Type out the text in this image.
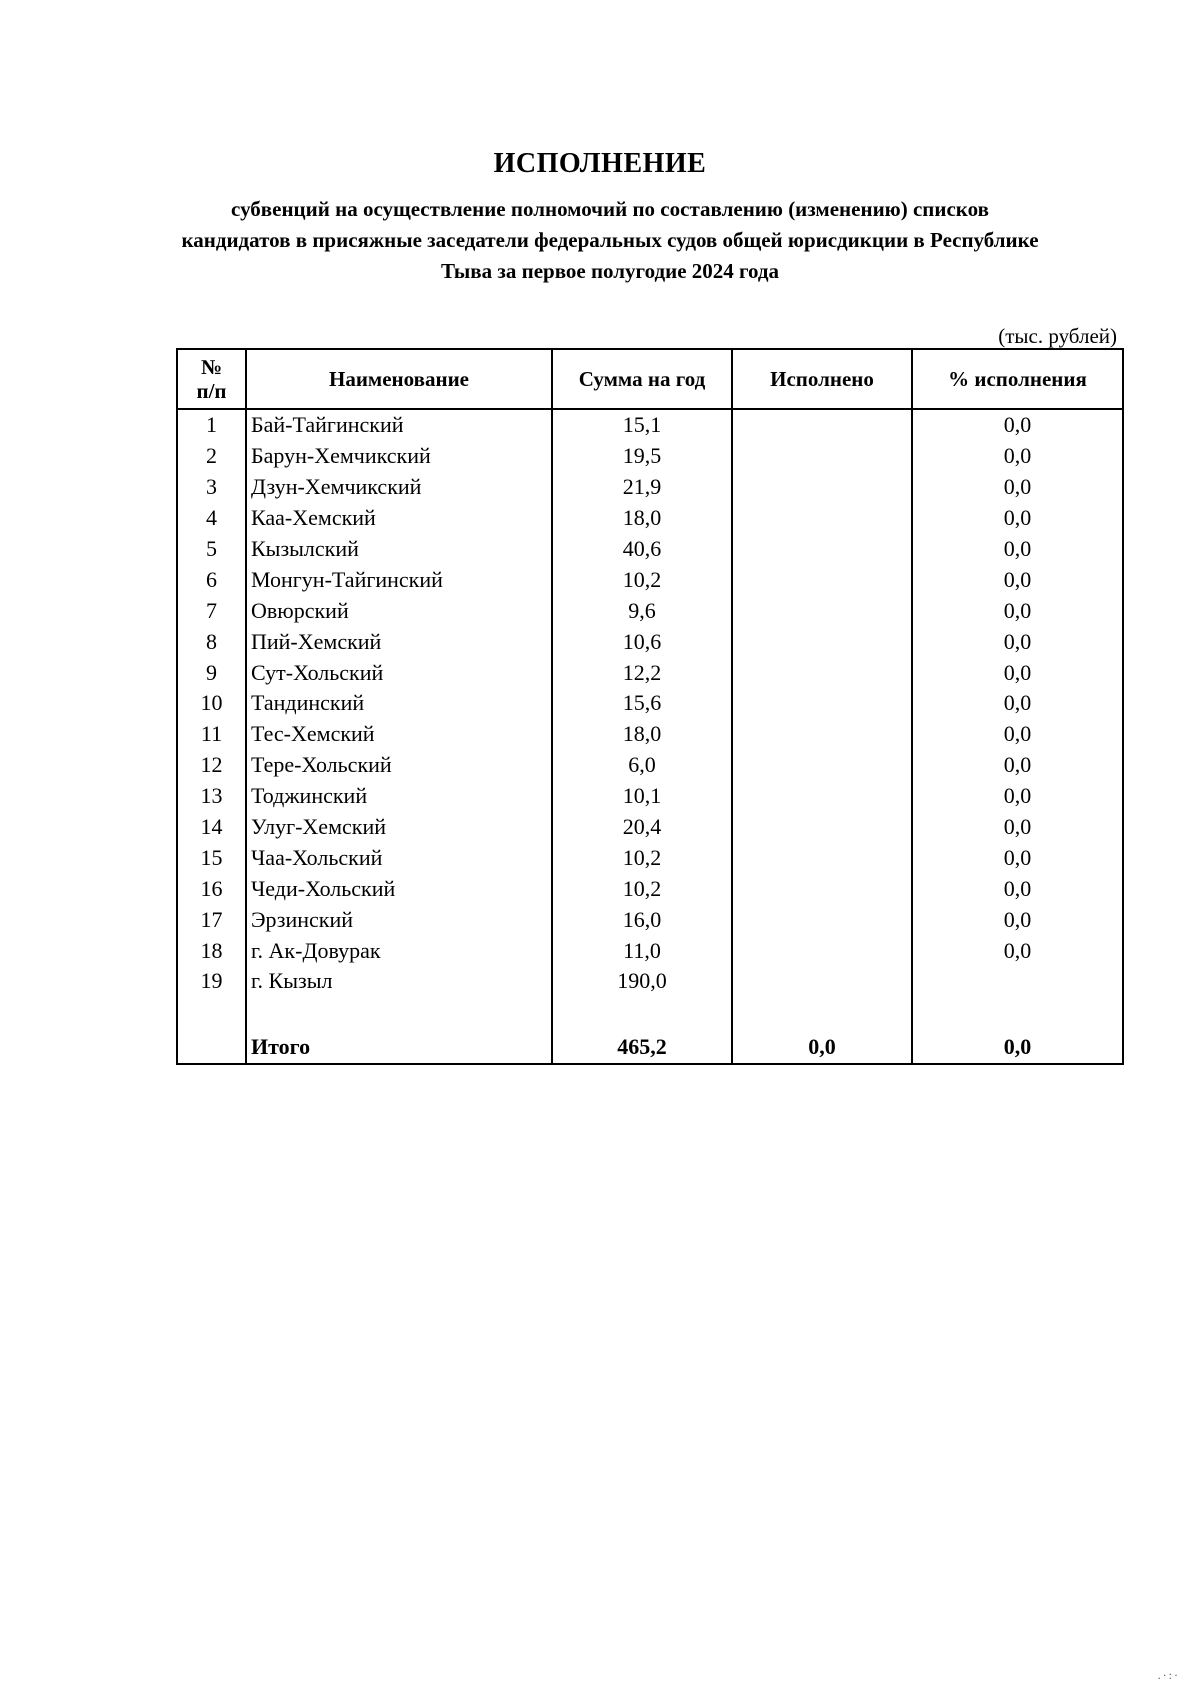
ИСПОЛНЕНИЕ
субвенций на осуществление полномочий по составлению (изменению) списков кандидатов в присяжные заседатели федеральных судов общей юрисдикции в Республике Тыва за первое полугодие 2024 года
(тыс. рублей)
№
п/п	Наименование	Сумма на год	Исполнено	% исполнения
1	Бай-Тайгинский	15,1		0,0
2	Барун-Хемчикский	19,5		0,0
3	Дзун-Хемчикский	21,9		0,0
4	Каа-Хемский	18,0		0,0
5	Кызылский	40,6		0,0
6	Монгун-Тайгинский	10,2		0,0
7	Овюрский	9,6		0,0
8	Пий-Хемский	10,6		0,0
9	Сут-Хольский	12,2		0,0
10	Тандинский	15,6		0,0
11	Тес-Хемский	18,0		0,0
12	Тере-Хольский	6,0		0,0
13	Тоджинский	10,1		0,0
14	Улуг-Хемский	20,4		0,0
15	Чаа-Хольский	10,2		0,0
16	Чеди-Хольский	10,2		0,0
17	Эрзинский	16,0		0,0
18	г. Ак-Довурак	11,0		0,0
19	г. Кызыл	190,0		

	Итого	465,2	0,0	0,0
.·:·
